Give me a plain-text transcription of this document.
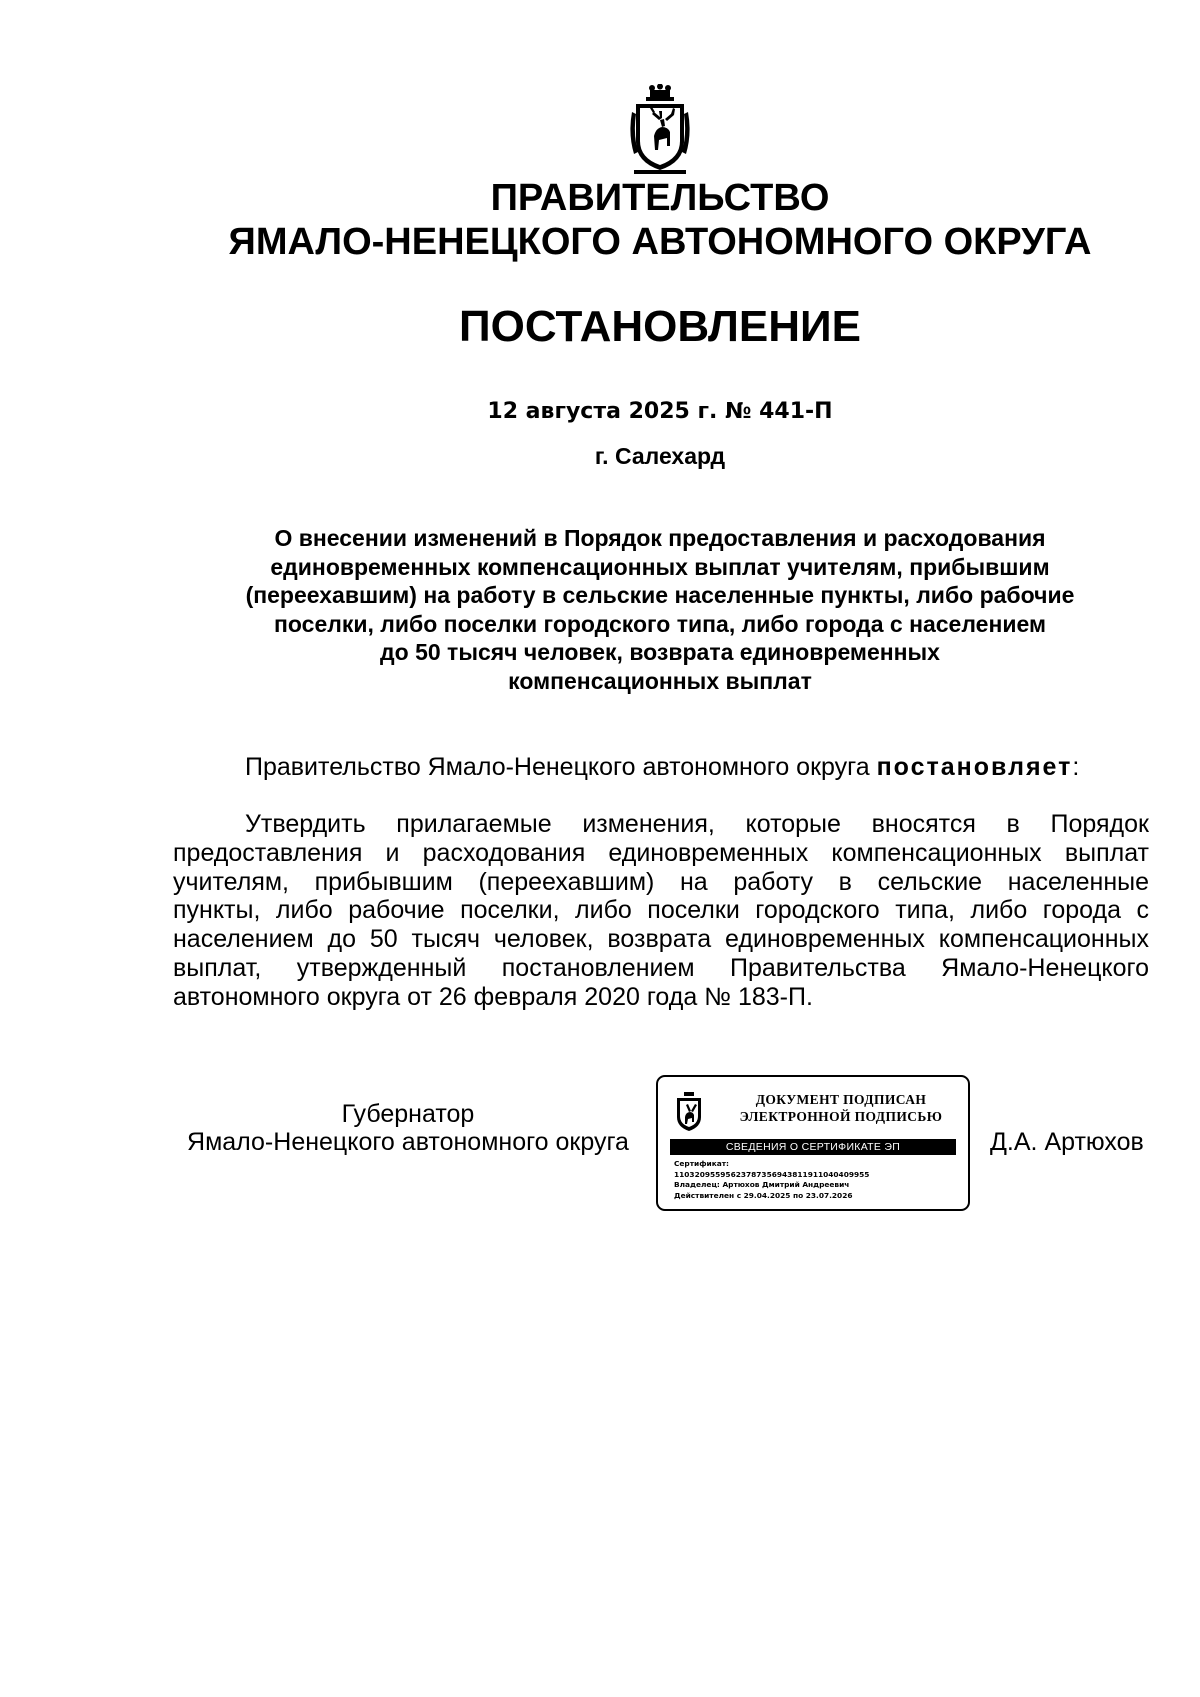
ПРАВИТЕЛЬСТВО
ЯМАЛО-НЕНЕЦКОГО АВТОНОМНОГО ОКРУГА
ПОСТАНОВЛЕНИЕ
12 августа 2025 г. № 441-П
г. Салехард
О внесении изменений в Порядок предоставления и расходования
единовременных компенсационных выплат учителям, прибывшим
(переехавшим) на работу в сельские населенные пункты, либо рабочие
поселки, либо поселки городского типа, либо города с населением
до 50 тысяч человек, возврата единовременных
компенсационных выплат
Правительство Ямало-Ненецкого автономного округа постановляет:
Утвердить прилагаемые изменения, которые вносятся в Порядок
предоставления и расходования единовременных компенсационных выплат
учителям, прибывшим (переехавшим) на работу в сельские населенные
пункты, либо рабочие поселки, либо поселки городского типа, либо города с
населением до 50 тысяч человек, возврата единовременных компенсационных
выплат, утвержденный постановлением Правительства Ямало-Ненецкого
автономного округа от 26 февраля 2020 года № 183-П.
Губернатор
Ямало-Ненецкого автономного округа
ДОКУМЕНТ ПОДПИСАН
ЭЛЕКТРОННОЙ ПОДПИСЬЮ
СВЕДЕНИЯ О СЕРТИФИКАТЕ ЭП
Сертификат:
11032095595623787356943811911040409955
Владелец: Артюхов Дмитрий Андреевич
Действителен с 29.04.2025 по 23.07.2026
Д.А. Артюхов
